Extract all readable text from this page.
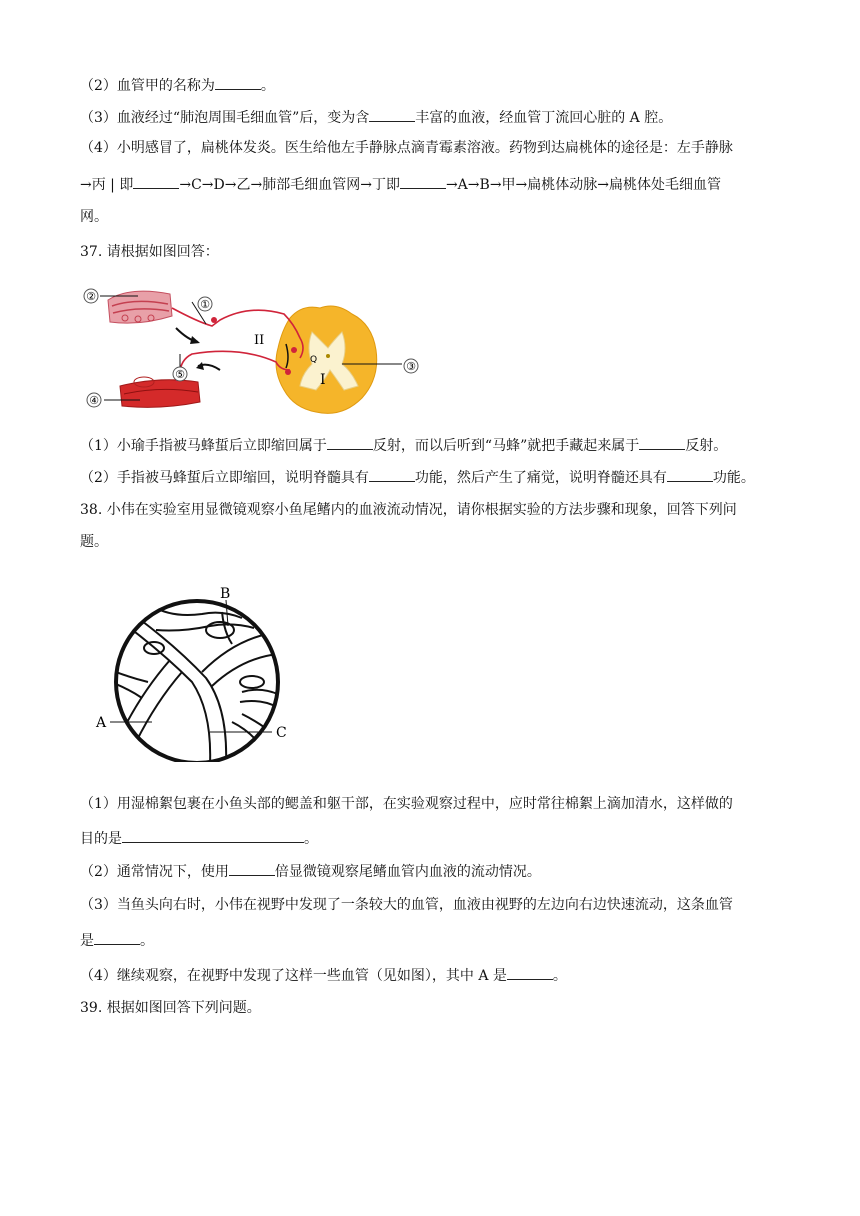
（2）血管甲的名称为	。
（3）血液经过“肺泡周围毛细血管”后，变为含	丰富的血液，经血管丁流回心脏的 A 腔。
（4）小明感冒了，扁桃体发炎。医生给他左手静脉点滴青霉素溶液。药物到达扁桃体的途径是：左手静脉
→丙 | 即	→C→D→乙→肺部毛细血管网→丁即	→A→B→甲→扁桃体动脉→扁桃体处毛细血管
网。
37. 请根据如图回答：
②
①
II
Q	③
I
⑤
④
（1）小瑜手指被马蜂蜇后立即缩回属于	反射，而以后听到“马蜂”就把手藏起来属于	反射。
（2）手指被马蜂蜇后立即缩回，说明脊髓具有	功能，然后产生了痛觉，说明脊髓还具有	功能。
38. 小伟在实验室用显微镜观察小鱼尾鳍内的血液流动情况，请你根据实验的方法步骤和现象，回答下列问
题。
B
A
C
（1）用湿棉絮包裹在小鱼头部的鳃盖和躯干部，在实验观察过程中，应时常往棉絮上滴加清水，这样做的
目的是	。
（2）通常情况下，使用	倍显微镜观察尾鳍血管内血液的流动情况。
（3）当鱼头向右时，小伟在视野中发现了一条较大的血管，血液由视野的左边向右边快速流动，这条血管
是	。
（4）继续观察，在视野中发现了这样一些血管（见如图），其中 A 是	。
39. 根据如图回答下列问题。
